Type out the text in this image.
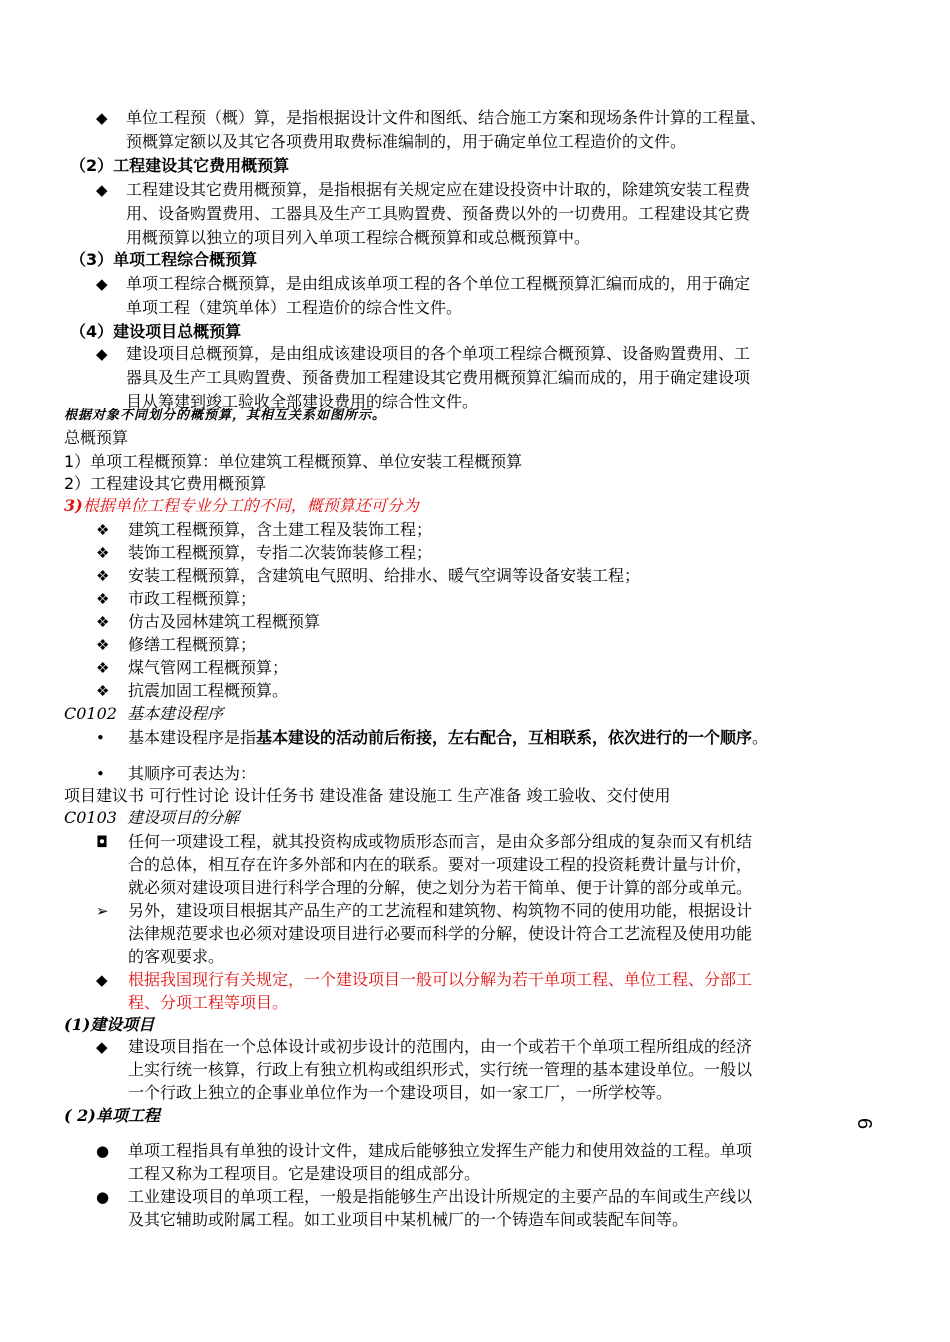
◆ 单位工程预（概）算，是指根据设计文件和图纸、结合施工方案和现场条件计算的工程量、
预概算定额以及其它各项费用取费标准编制的，用于确定单位工程造价的文件。
（2）工程建设其它费用概预算
◆ 工程建设其它费用概预算，是指根据有关规定应在建设投资中计取的，除建筑安装工程费
用、设备购置费用、工器具及生产工具购置费、预备费以外的一切费用。工程建设其它费
用概预算以独立的项目列入单项工程综合概预算和或总概预算中。
（3）单项工程综合概预算
◆ 单项工程综合概预算，是由组成该单项工程的各个单位工程概预算汇编而成的，用于确定
单项工程（建筑单体）工程造价的综合性文件。
（4）建设项目总概预算
◆ 建设项目总概预算，是由组成该建设项目的各个单项工程综合概预算、设备购置费用、工
器具及生产工具购置费、预备费加工程建设其它费用概预算汇编而成的，用于确定建设项
目从筹建到竣工验收全部建设费用的综合性文件。
根据对象不同划分的概预算，其相互关系如图所示。
总概预算
1）单项工程概预算：单位建筑工程概预算、单位安装工程概预算
2）工程建设其它费用概预算
3)根据单位工程专业分工的不同，概预算还可分为
❖ 建筑工程概预算，含土建工程及装饰工程；
❖ 装饰工程概预算，专指二次装饰装修工程；
❖ 安装工程概预算，含建筑电气照明、给排水、暖气空调等设备安装工程；
❖ 市政工程概预算；
❖ 仿古及园林建筑工程概预算
❖ 修缮工程概预算；
❖ 煤气管网工程概预算；
❖ 抗震加固工程概预算。
C0102 基本建设程序
• 基本建设程序是指基本建设的活动前后衔接，左右配合，互相联系，依次进行的一个顺序。
• 其顺序可表达为：
项目建议书 可行性讨论 设计任务书 建设准备 建设施工 生产准备 竣工验收、交付使用
C0103 建设项目的分解
◘ 任何一项建设工程，就其投资构成或物质形态而言，是由众多部分组成的复杂而又有机结
合的总体，相互存在许多外部和内在的联系。要对一项建设工程的投资耗费计量与计价，
就必须对建设项目进行科学合理的分解，使之划分为若干简单、便于计算的部分或单元。
➢ 另外，建设项目根据其产品生产的工艺流程和建筑物、构筑物不同的使用功能，根据设计
法律规范要求也必须对建设项目进行必要而科学的分解，使设计符合工艺流程及使用功能
的客观要求。
◆ 根据我国现行有关规定，一个建设项目一般可以分解为若干单项工程、单位工程、分部工
程、分项工程等项目。
(1)建设项目
◆ 建设项目指在一个总体设计或初步设计的范围内，由一个或若干个单项工程所组成的经济
上实行统一核算，行政上有独立机构或组织形式，实行统一管理的基本建设单位。一般以
一个行政上独立的企事业单位作为一个建设项目，如一家工厂，一所学校等。
( 2)单项工程
● 单项工程指具有单独的设计文件，建成后能够独立发挥生产能力和使用效益的工程。单项
工程又称为工程项目。它是建设项目的组成部分。
● 工业建设项目的单项工程，一般是指能够生产出设计所规定的主要产品的车间或生产线以
及其它辅助或附属工程。如工业项目中某机械厂的一个铸造车间或装配车间等。
6
